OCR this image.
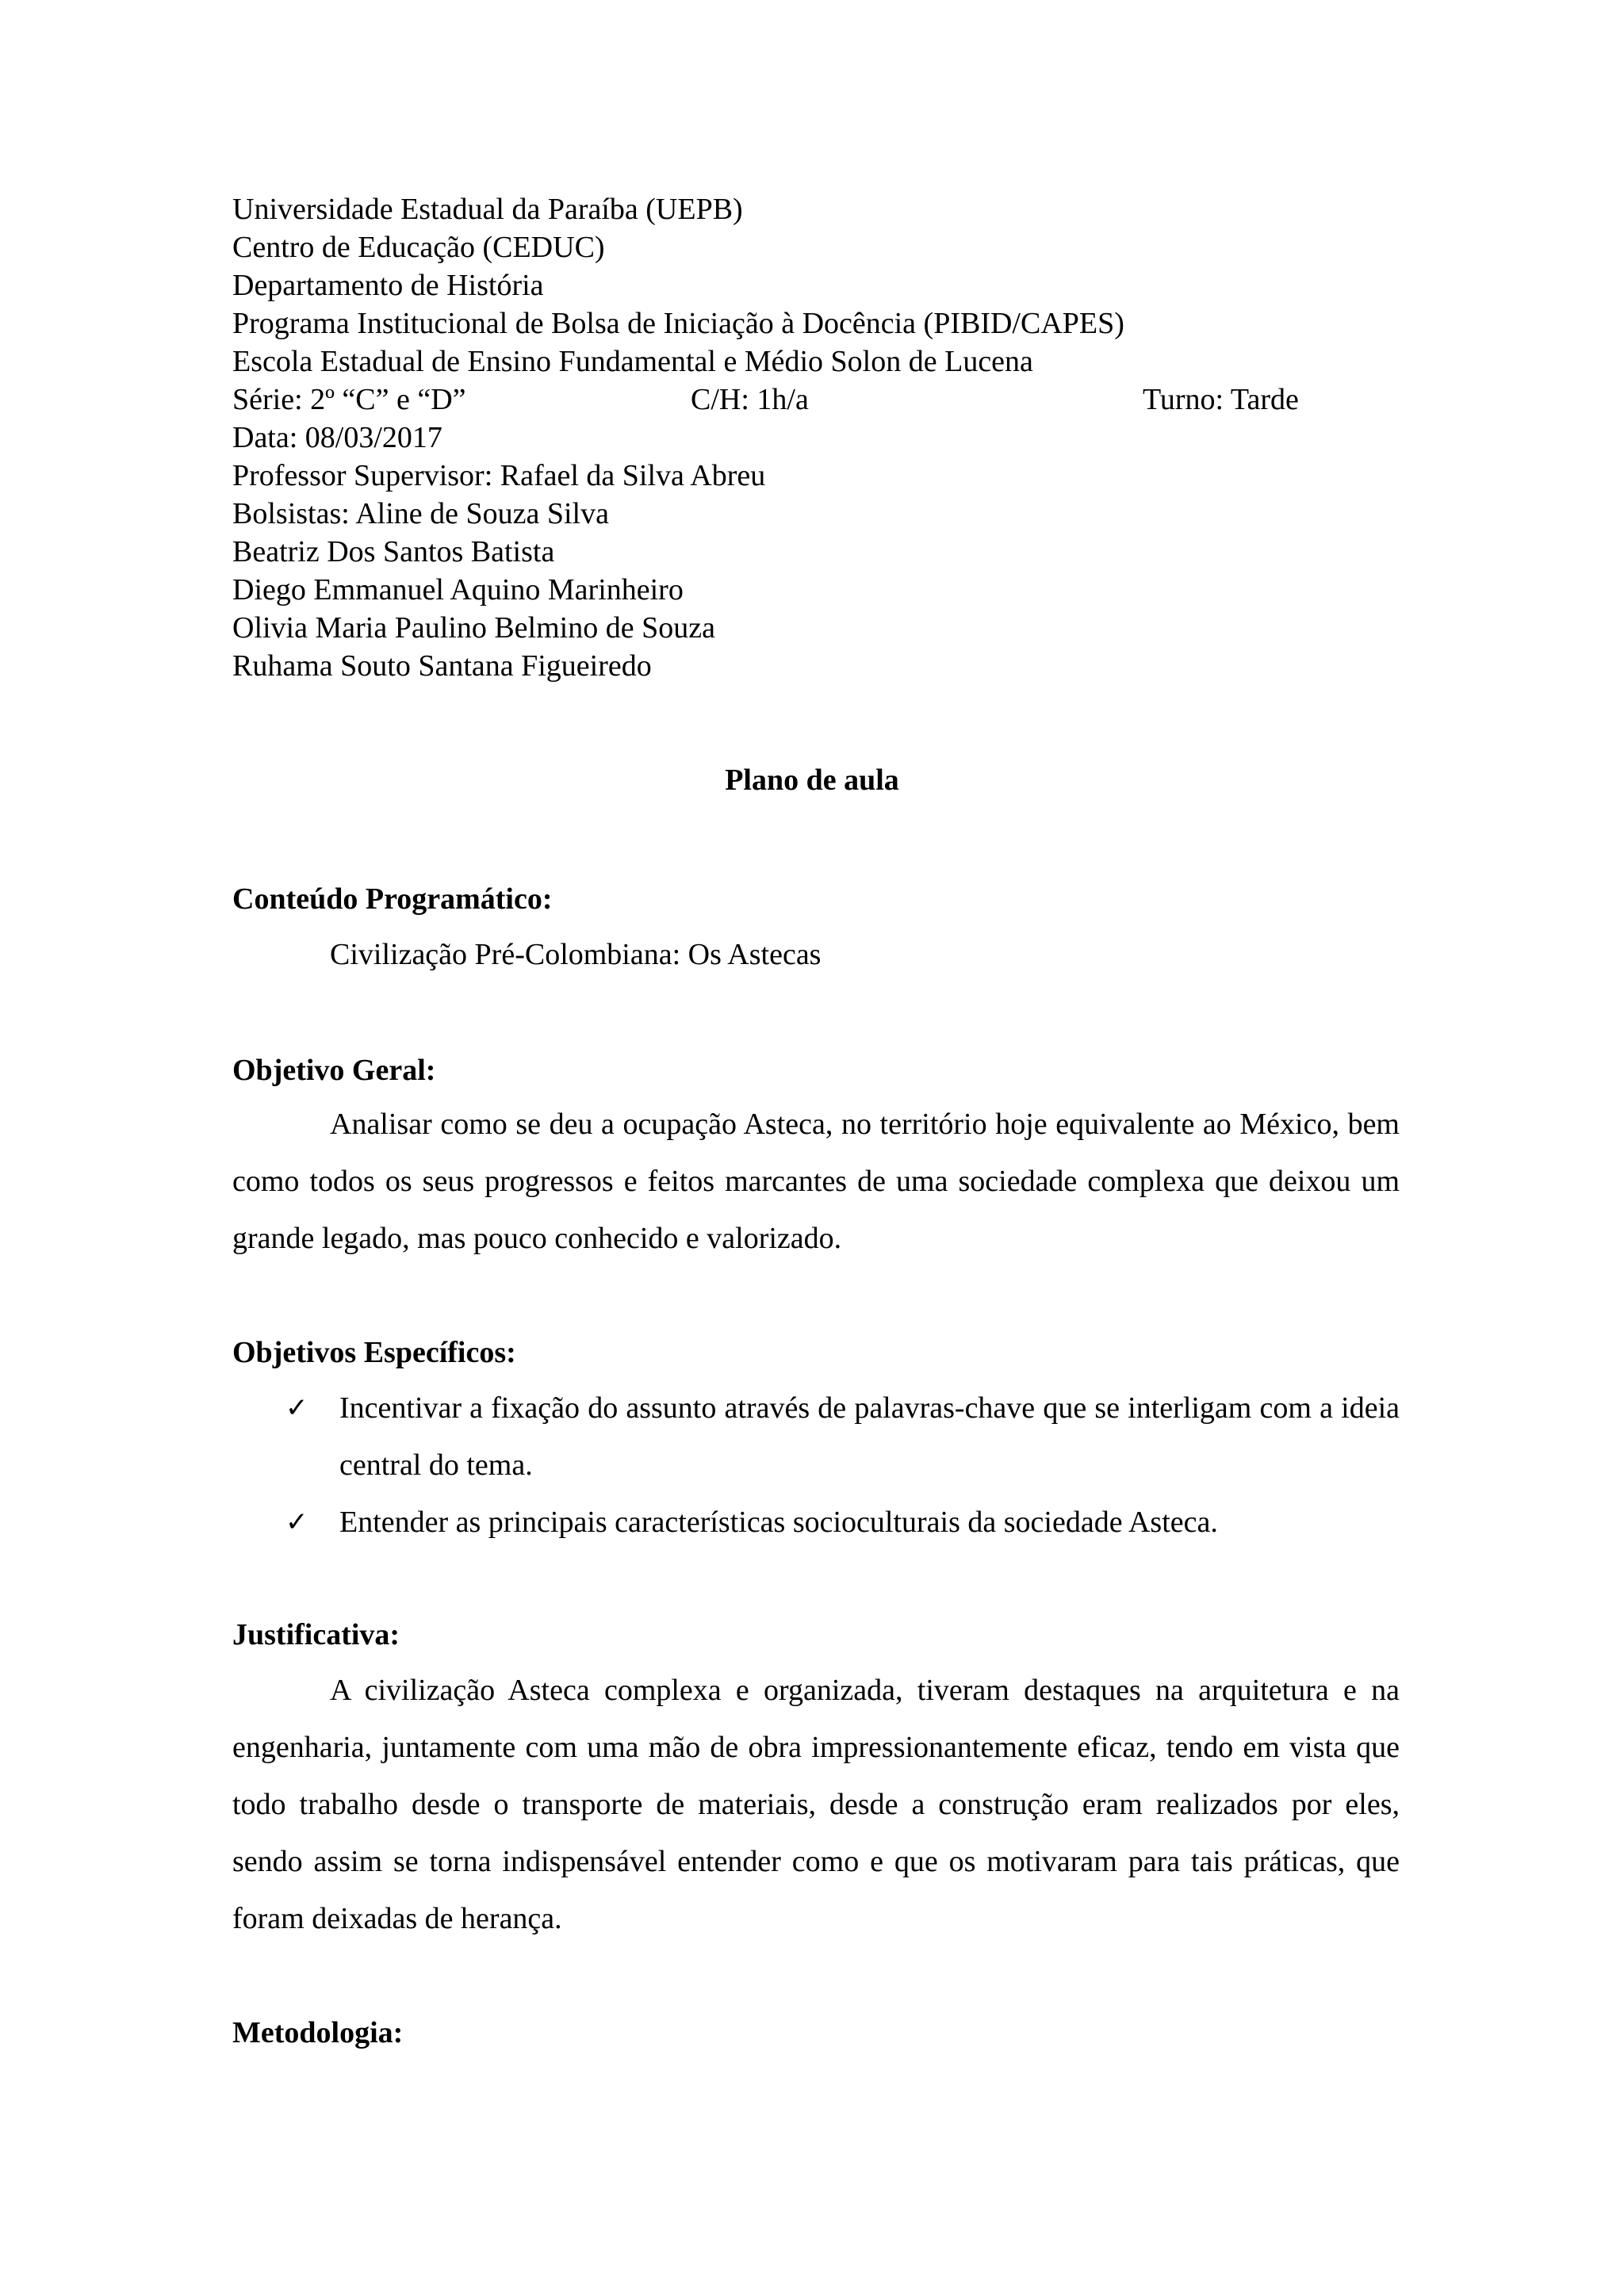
Universidade Estadual da Paraíba (UEPB)
Centro de Educação (CEDUC)
Departamento de História
Programa Institucional de Bolsa de Iniciação à Docência (PIBID/CAPES)
Escola Estadual de Ensino Fundamental e Médio Solon de Lucena
Série: 2º “C” e “D”	C/H: 1h/a	Turno: Tarde
Data: 08/03/2017
Professor Supervisor: Rafael da Silva Abreu
Bolsistas: Aline de Souza Silva
Beatriz Dos Santos Batista
Diego Emmanuel Aquino Marinheiro
Olivia Maria Paulino Belmino de Souza
Ruhama Souto Santana Figueiredo
Plano de aula
Conteúdo Programático:
Civilização Pré-Colombiana: Os Astecas
Objetivo Geral:
Analisar como se deu a ocupação Asteca, no território hoje equivalente ao México, bem como todos os seus progressos e feitos marcantes de uma sociedade complexa que deixou um grande legado, mas pouco conhecido e valorizado.
Objetivos Específicos:
✓ Incentivar a fixação do assunto através de palavras-chave que se interligam com a ideia central do tema.
✓ Entender as principais características socioculturais da sociedade Asteca.
Justificativa:
A civilização Asteca complexa e organizada, tiveram destaques na arquitetura e na engenharia, juntamente com uma mão de obra impressionantemente eficaz, tendo em vista que todo trabalho desde o transporte de materiais, desde a construção eram realizados por eles, sendo assim se torna indispensável entender como e que os motivaram para tais práticas, que foram deixadas de herança.
Metodologia:
